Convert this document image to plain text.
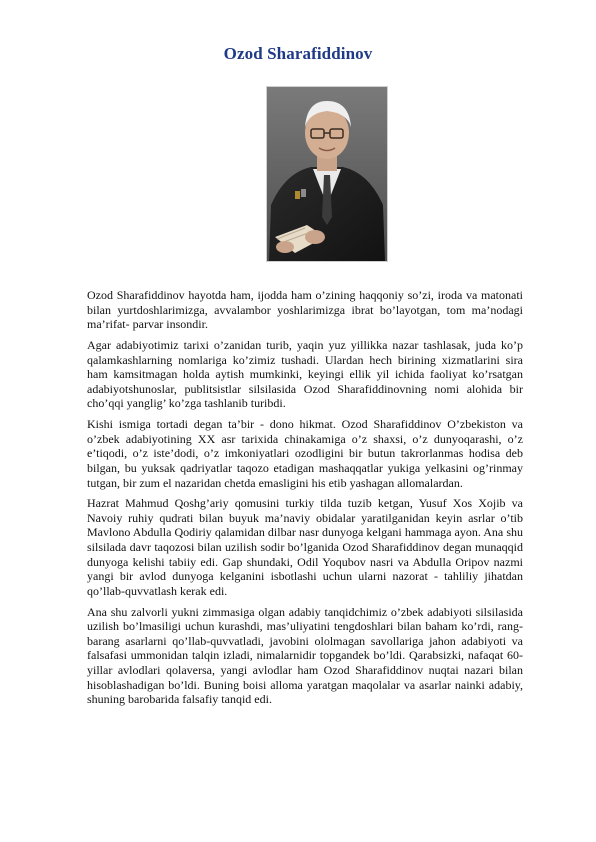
Ozod Sharafiddinov

Ozod Sharafiddinov hayotda ham, ijodda ham o’zining haqqoniy so’zi, iroda va matonati bilan yurtdoshlarimizga, avvalambor yoshlarimizga ibrat bo’layotgan, tom ma’nodagi ma’rifat- parvar insondir.

Agar adabiyotimiz tarixi o’zanidan turib, yaqin yuz yillikka nazar tashlasak, juda ko’p qalamkashlarning nomlariga ko’zimiz tushadi. Ulardan hech birining xizmatlarini sira ham kamsitmagan holda aytish mumkinki, keyingi ellik yil ichida faoliyat ko’rsatgan adabiyotshunoslar, publitsistlar silsilasida Ozod Sharafiddinovning nomi alohida bir cho’qqi yanglig’ ko’zga tashlanib turibdi.

Kishi ismiga tortadi degan ta’bir - dono hikmat. Ozod Sharafiddinov O’zbekiston va o’zbek adabiyotining XX asr tarixida chinakamiga o’z shaxsi, o’z dunyoqarashi, o’z e’tiqodi, o’z iste’dodi, o’z imkoniyatlari ozodligini bir butun takrorlanmas hodisa deb bilgan, bu yuksak qadriyatlar taqozo etadigan mashaqqatlar yukiga yelkasini og’rinmay tutgan, bir zum el nazaridan chetda emasligini his etib yashagan allomalardan.

Hazrat Mahmud Qoshg’ariy qomusini turkiy tilda tuzib ketgan, Yusuf Xos Xojib va Navoiy ruhiy qudrati bilan buyuk ma’naviy obidalar yaratilganidan keyin asrlar o’tib Mavlono Abdulla Qodiriy qalamidan dilbar nasr dunyoga kelgani hammaga ayon. Ana shu silsilada davr taqozosi bilan uzilish sodir bo’lganida Ozod Sharafiddinov degan munaqqid dunyoga kelishi tabiiy edi. Gap shundaki, Odil Yoqubov nasri va Abdulla Oripov nazmi yangi bir avlod dunyoga kelganini isbotlashi uchun ularni nazorat - tahliliy jihatdan qo’llab-quvvatlash kerak edi.

Ana shu zalvorli yukni zimmasiga olgan adabiy tanqidchimiz o’zbek adabiyoti silsilasida uzilish bo’lmasiligi uchun kurashdi, mas’uliyatini tengdoshlari bilan baham ko’rdi, rang-barang asarlarni qo’llab-quvvatladi, javobini ololmagan savollariga jahon adabiyoti va falsafasi ummonidan talqin izladi, nimalarnidir topgandek bo’ldi. Qarabsizki, nafaqat 60-yillar avlodlari qolaversa, yangi avlodlar ham Ozod Sharafiddinov nuqtai nazari bilan hisoblashadigan bo’ldi. Buning boisi alloma yaratgan maqolalar va asarlar nainki adabiy, shuning barobarida falsafiy tanqid edi.
